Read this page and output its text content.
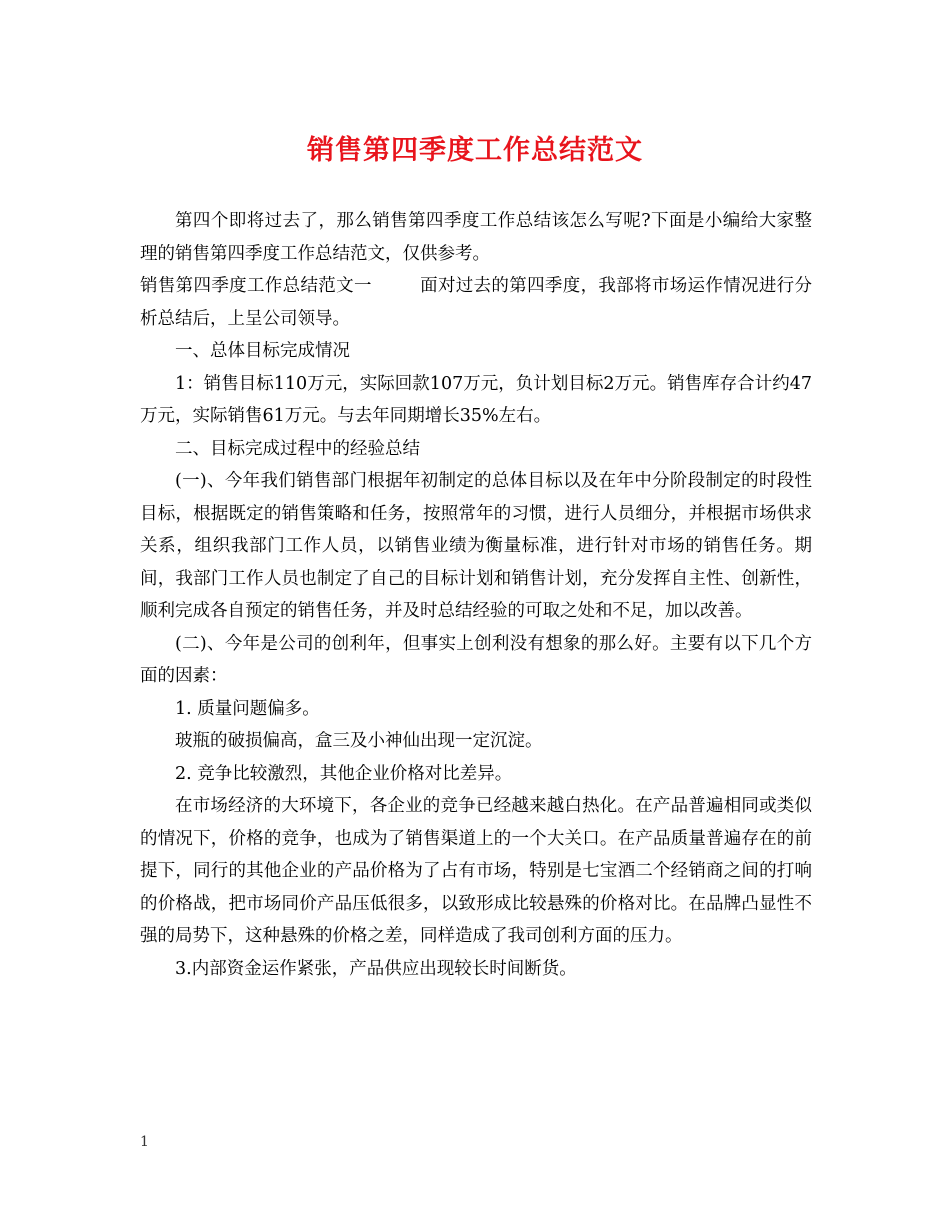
销售第四季度工作总结范文

第四个即将过去了，那么销售第四季度工作总结该怎么写呢?下面是小编给大家整理的销售第四季度工作总结范文，仅供参考。

销售第四季度工作总结范文一	面对过去的第四季度，我部将市场运作情况进行分析总结后，上呈公司领导。

一、总体目标完成情况

1：销售目标110万元，实际回款107万元，负计划目标2万元。销售库存合计约47万元，实际销售61万元。与去年同期增长35%左右。

二、目标完成过程中的经验总结

(一)、今年我们销售部门根据年初制定的总体目标以及在年中分阶段制定的时段性目标，根据既定的销售策略和任务，按照常年的习惯，进行人员细分，并根据市场供求关系，组织我部门工作人员，以销售业绩为衡量标准，进行针对市场的销售任务。期间，我部门工作人员也制定了自己的目标计划和销售计划，充分发挥自主性、创新性，顺利完成各自预定的销售任务，并及时总结经验的可取之处和不足，加以改善。

(二)、今年是公司的创利年，但事实上创利没有想象的那么好。主要有以下几个方面的因素：

1. 质量问题偏多。

玻瓶的破损偏高，盒三及小神仙出现一定沉淀。

2. 竞争比较激烈，其他企业价格对比差异。

在市场经济的大环境下，各企业的竞争已经越来越白热化。在产品普遍相同或类似的情况下，价格的竞争，也成为了销售渠道上的一个大关口。在产品质量普遍存在的前提下，同行的其他企业的产品价格为了占有市场，特别是七宝酒二个经销商之间的打响的价格战，把市场同价产品压低很多，以致形成比较悬殊的价格对比。在品牌凸显性不强的局势下，这种悬殊的价格之差，同样造成了我司创利方面的压力。

3.内部资金运作紧张，产品供应出现较长时间断货。

1
